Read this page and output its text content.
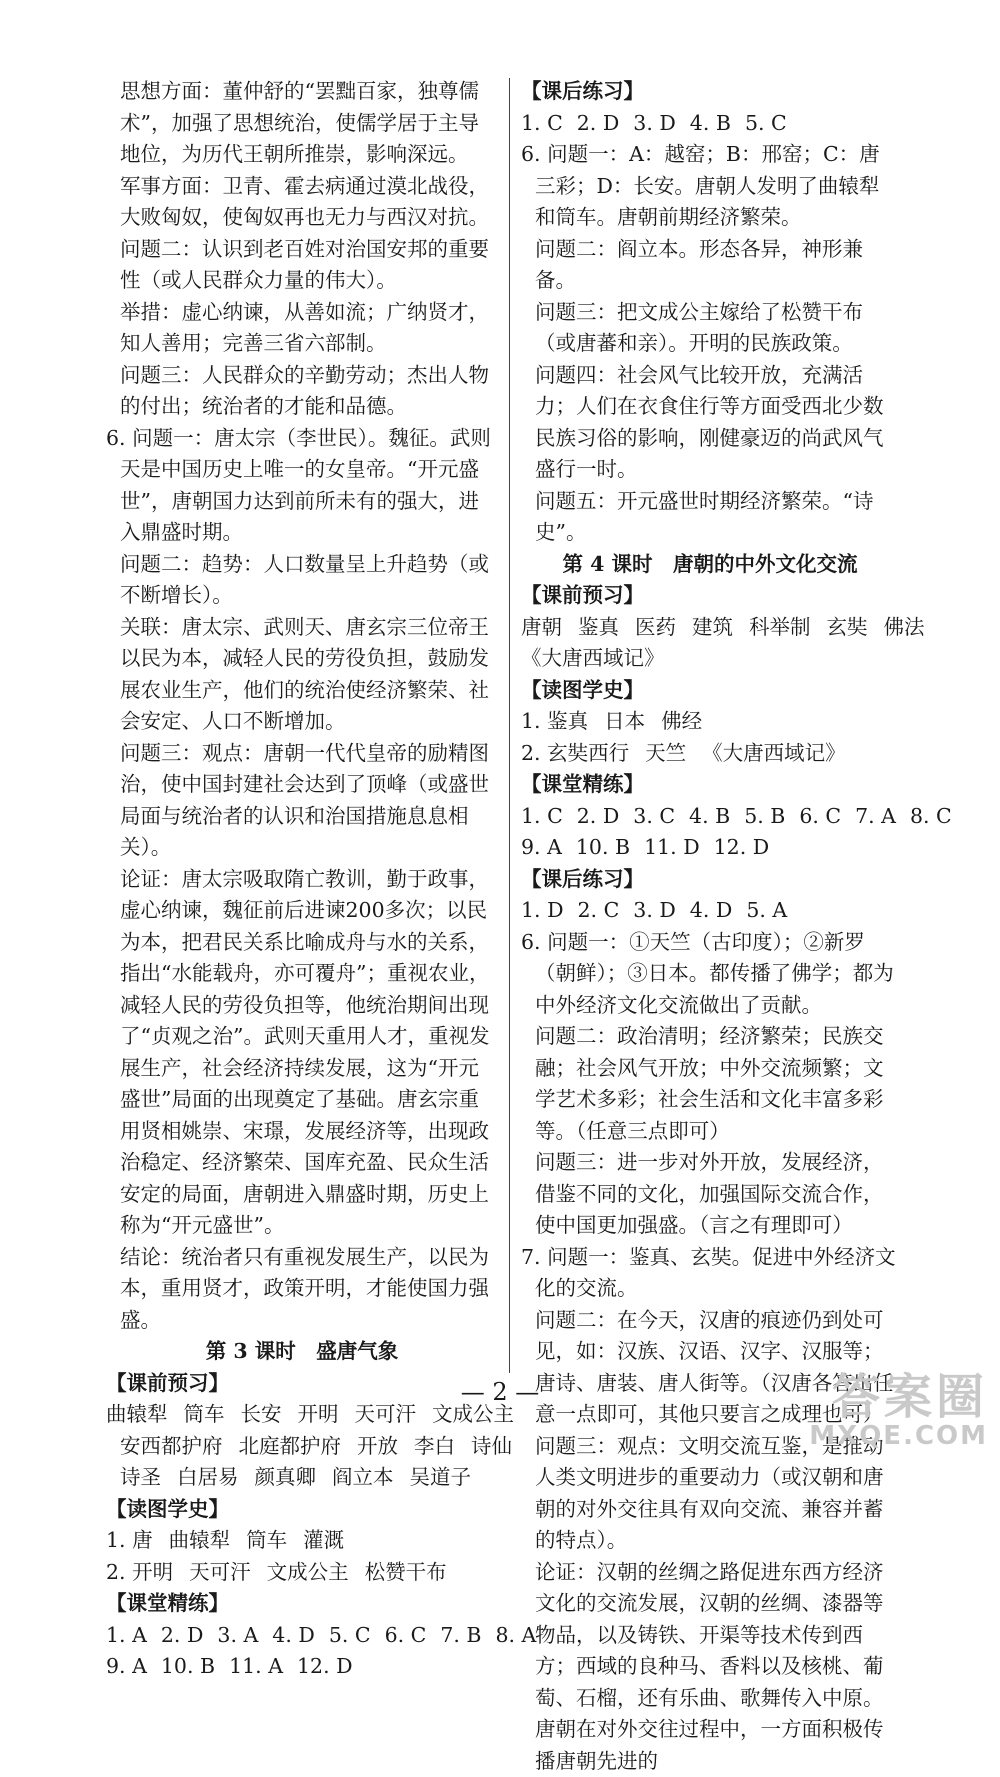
思想方面：董仲舒的“罢黜百家，独尊儒术”，加强了思想统治，使儒学居于主导地位，为历代王朝所推崇，影响深远。

军事方面：卫青、霍去病通过漠北战役，大败匈奴，使匈奴再也无力与西汉对抗。

问题二：认识到老百姓对治国安邦的重要性（或人民群众力量的伟大）。

举措：虚心纳谏，从善如流；广纳贤才，知人善用；完善三省六部制。

问题三：人民群众的辛勤劳动；杰出人物的付出；统治者的才能和品德。

6. 问题一：唐太宗（李世民）。魏征。武则天是中国历史上唯一的女皇帝。“开元盛世”，唐朝国力达到前所未有的强大，进入鼎盛时期。

问题二：趋势：人口数量呈上升趋势（或不断增长）。

关联：唐太宗、武则天、唐玄宗三位帝王以民为本，减轻人民的劳役负担，鼓励发展农业生产，他们的统治使经济繁荣、社会安定、人口不断增加。

问题三：观点：唐朝一代代皇帝的励精图治，使中国封建社会达到了顶峰（或盛世局面与统治者的认识和治国措施息息相关）。

论证：唐太宗吸取隋亡教训，勤于政事，虚心纳谏，魏征前后进谏200多次；以民为本，把君民关系比喻成舟与水的关系，指出“水能载舟，亦可覆舟”；重视农业，减轻人民的劳役负担等，他统治期间出现了“贞观之治”。武则天重用人才，重视发展生产，社会经济持续发展，这为“开元盛世”局面的出现奠定了基础。唐玄宗重用贤相姚崇、宋璟，发展经济等，出现政治稳定、经济繁荣、国库充盈、民众生活安定的局面，唐朝进入鼎盛时期，历史上称为“开元盛世”。

结论：统治者只有重视发展生产，以民为本，重用贤才，政策开明，才能使国力强盛。

第 3 课时　盛唐气象

【课前预习】

曲辕犁 筒车 长安 开明 天可汗 文成公主

安西都护府 北庭都护府 开放 李白 诗仙

诗圣 白居易 颜真卿 阎立本 吴道子

【读图学史】

1. 唐 曲辕犁 筒车 灌溉

2. 开明 天可汗 文成公主 松赞干布

【课堂精练】

1. A 2. D 3. A 4. D 5. C 6. C 7. B 8. A

9. A 10. B 11. A 12. D

【课后练习】

1. C 2. D 3. D 4. B 5. C

6. 问题一：A：越窑；B：邢窑；C：唐三彩；D：长安。唐朝人发明了曲辕犁和筒车。唐朝前期经济繁荣。

问题二：阎立本。形态各异，神形兼备。

问题三：把文成公主嫁给了松赞干布（或唐蕃和亲）。开明的民族政策。

问题四：社会风气比较开放，充满活力；人们在衣食住行等方面受西北少数民族习俗的影响，刚健豪迈的尚武风气盛行一时。

问题五：开元盛世时期经济繁荣。“诗史”。

第 4 课时　唐朝的中外文化交流

【课前预习】

唐朝 鉴真 医药 建筑 科举制 玄奘 佛法

《大唐西域记》

【读图学史】

1. 鉴真 日本 佛经

2. 玄奘西行 天竺 《大唐西域记》

【课堂精练】

1. C 2. D 3. C 4. B 5. B 6. C 7. A 8. C

9. A 10. B 11. D 12. D

【课后练习】

1. D 2. C 3. D 4. D 5. A

6. 问题一：①天竺（古印度）；②新罗（朝鲜）；③日本。都传播了佛学；都为中外经济文化交流做出了贡献。

问题二：政治清明；经济繁荣；民族交融；社会风气开放；中外交流频繁；文学艺术多彩；社会生活和文化丰富多彩等。（任意三点即可）

问题三：进一步对外开放，发展经济，借鉴不同的文化，加强国际交流合作，使中国更加强盛。（言之有理即可）

7. 问题一：鉴真、玄奘。促进中外经济文化的交流。

问题二：在今天，汉唐的痕迹仍到处可见，如：汉族、汉语、汉字、汉服等；唐诗、唐装、唐人街等。（汉唐各答出任意一点即可，其他只要言之成理也可）

问题三：观点：文明交流互鉴，是推动人类文明进步的重要动力（或汉朝和唐朝的对外交往具有双向交流、兼容并蓄的特点）。

论证：汉朝的丝绸之路促进东西方经济文化的交流发展，汉朝的丝绸、漆器等物品，以及铸铁、开渠等技术传到西方；西域的良种马、香料以及核桃、葡萄、石榴，还有乐曲、歌舞传入中原。唐朝在对外交往过程中，一方面积极传播唐朝先进的

— 2 —	答案圈
MXQE.COM
